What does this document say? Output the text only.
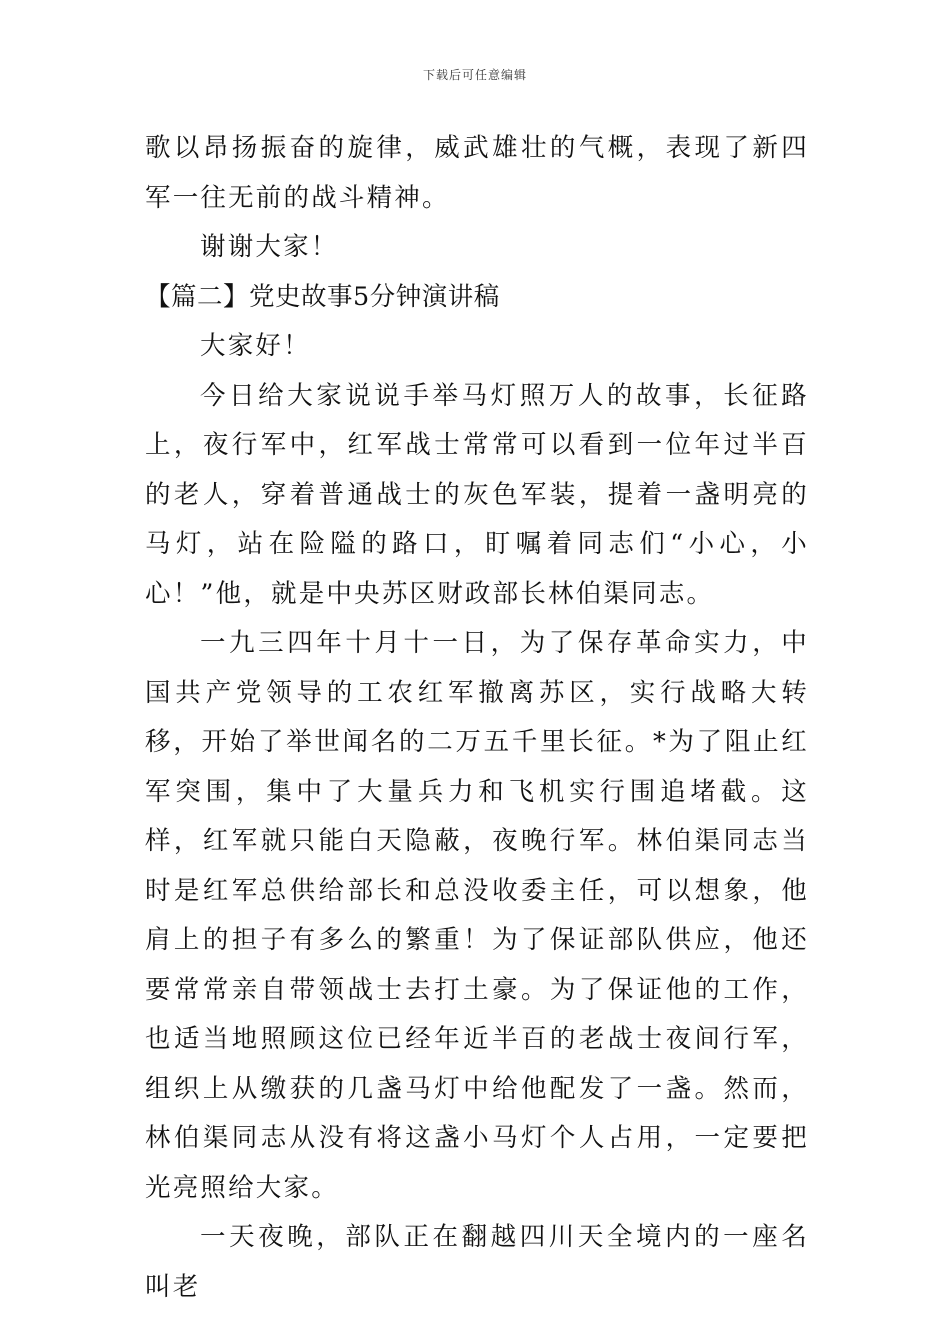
下载后可任意编辑

歌以昂扬振奋的旋律，威武雄壮的气概，表现了新四军一往无前的战斗精神。

谢谢大家！

【篇二】党史故事5分钟演讲稿

大家好！

今日给大家说说手举马灯照万人的故事，长征路上，夜行军中，红军战士常常可以看到一位年过半百的老人，穿着普通战士的灰色军装，提着一盏明亮的马灯，站在险隘的路口，盯嘱着同志们“小心，小心！”他，就是中央苏区财政部长林伯渠同志。

一九三四年十月十一日，为了保存革命实力，中国共产党领导的工农红军撤离苏区，实行战略大转移，开始了举世闻名的二万五千里长征。*为了阻止红军突围，集中了大量兵力和飞机实行围追堵截。这样，红军就只能白天隐蔽，夜晚行军。林伯渠同志当时是红军总供给部长和总没收委主任，可以想象，他肩上的担子有多么的繁重！为了保证部队供应，他还要常常亲自带领战士去打土豪。为了保证他的工作，也适当地照顾这位已经年近半百的老战士夜间行军，组织上从缴获的几盏马灯中给他配发了一盏。然而，林伯渠同志从没有将这盏小马灯个人占用，一定要把光亮照给大家。

一天夜晚，部队正在翻越四川天全境内的一座名叫老
